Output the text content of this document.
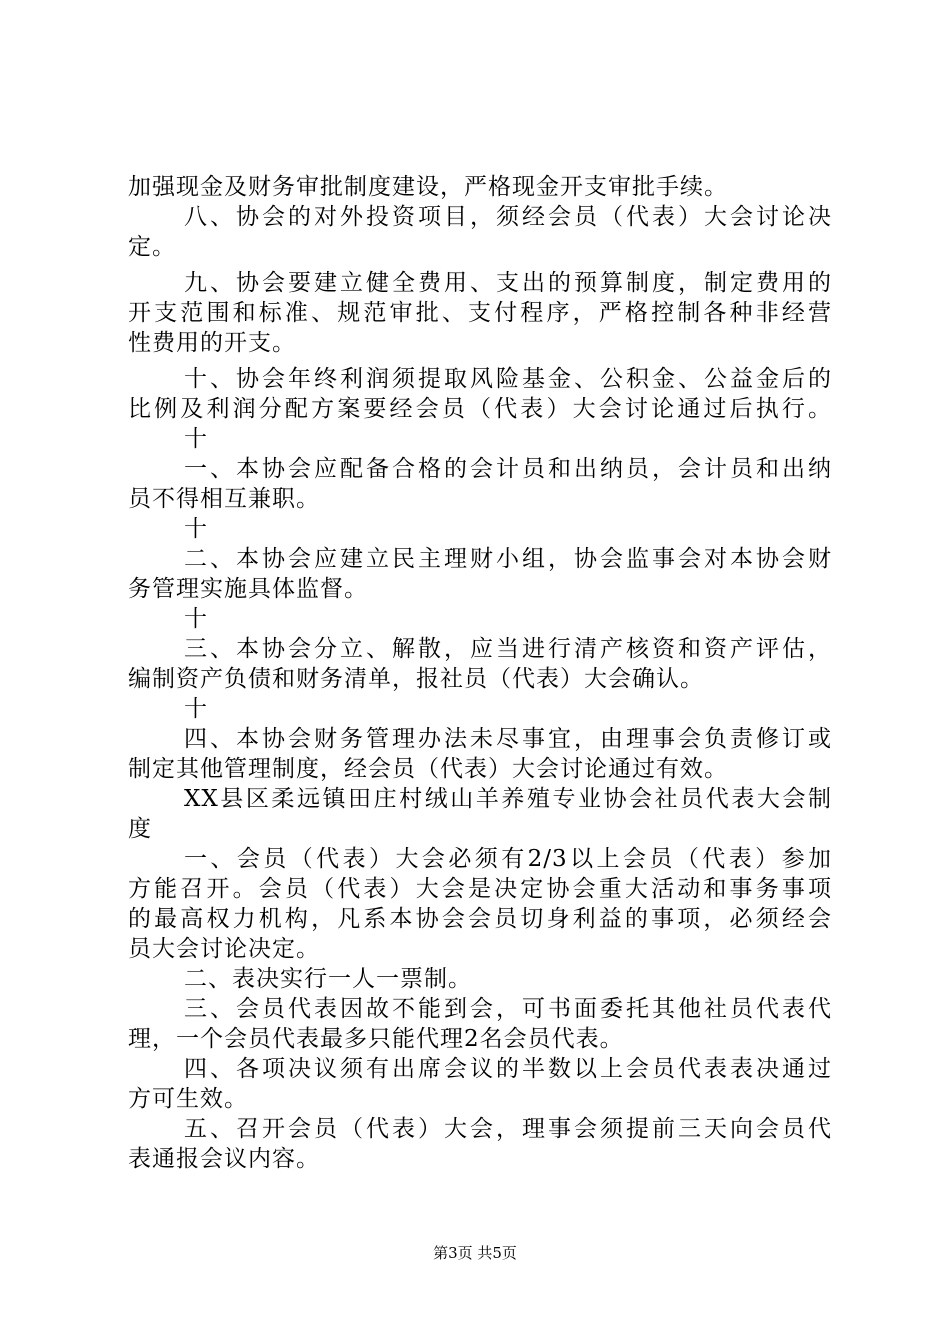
加强现金及财务审批制度建设，严格现金开支审批手续。
八、协会的对外投资项目，须经会员（代表）大会讨论决
定。
九、协会要建立健全费用、支出的预算制度，制定费用的
开支范围和标准、规范审批、支付程序，严格控制各种非经营
性费用的开支。
十、协会年终利润须提取风险基金、公积金、公益金后的
比例及利润分配方案要经会员（代表）大会讨论通过后执行。
十
一、本协会应配备合格的会计员和出纳员，会计员和出纳
员不得相互兼职。
十
二、本协会应建立民主理财小组，协会监事会对本协会财
务管理实施具体监督。
十
三、本协会分立、解散，应当进行清产核资和资产评估，
编制资产负债和财务清单，报社员（代表）大会确认。
十
四、本协会财务管理办法未尽事宜，由理事会负责修订或
制定其他管理制度，经会员（代表）大会讨论通过有效。
XX县区柔远镇田庄村绒山羊养殖专业协会社员代表大会制
度
一、会员（代表）大会必须有2/3以上会员（代表）参加
方能召开。会员（代表）大会是决定协会重大活动和事务事项
的最高权力机构，凡系本协会会员切身利益的事项，必须经会
员大会讨论决定。
二、表决实行一人一票制。
三、会员代表因故不能到会，可书面委托其他社员代表代
理，一个会员代表最多只能代理2名会员代表。
四、各项决议须有出席会议的半数以上会员代表表决通过
方可生效。
五、召开会员（代表）大会，理事会须提前三天向会员代
表通报会议内容。
第3页 共5页
